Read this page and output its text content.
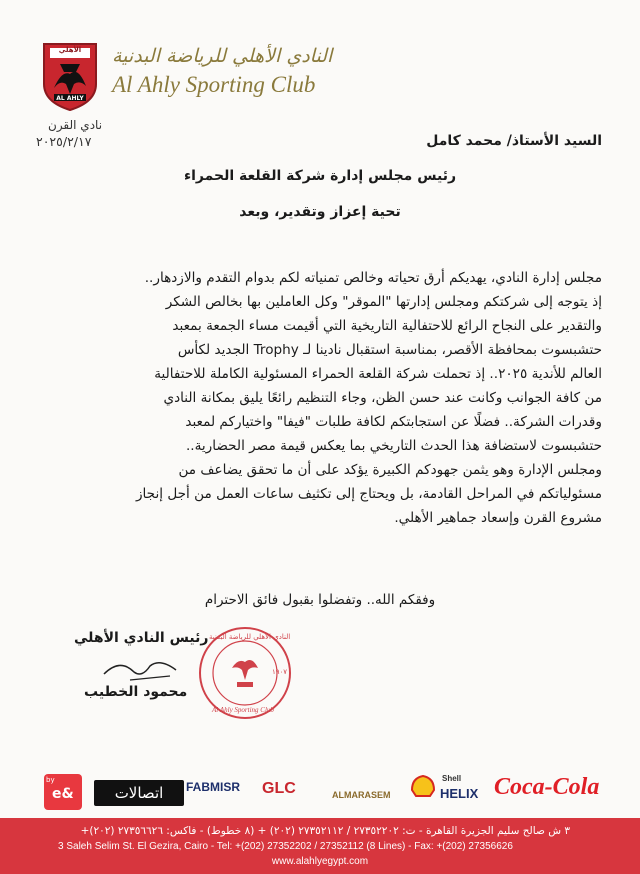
الأهلي
AL AHLY
النادي الأهلي للرياضة البدنية
Al Ahly Sporting Club
نادي القرن
٢٠٢٥/٢/١٧	السيد الأستاذ/ محمد كامل
رئيس مجلس إدارة شركة القلعة الحمراء
تحية إعزاز وتقدير، وبعد
مجلس إدارة النادي، يهديكم أرق تحياته وخالص تمنياته لكم بدوام التقدم والازدهار..
إذ يتوجه إلى شركتكم ومجلس إدارتها "الموقر" وكل العاملين بها بخالص الشكر
والتقدير على النجاح الرائع للاحتفالية التاريخية التي أقيمت مساء الجمعة بمعبد
حتشبسوت بمحافظة الأقصر، بمناسبة استقبال نادينا لـ Trophy الجديد لكأس
العالم للأندية ٢٠٢٥.. إذ تحملت شركة القلعة الحمراء المسئولية الكاملة للاحتفالية
من كافة الجوانب وكانت عند حسن الظن، وجاء التنظيم رائعًا يليق بمكانة النادي
وقدرات الشركة.. فضلًا عن استجابتكم لكافة طلبات "فيفا" واختياركم لمعبد
حتشبسوت لاستضافة هذا الحدث التاريخي بما يعكس قيمة مصر الحضارية..
ومجلس الإدارة وهو يثمن جهودكم الكبيرة يؤكد على أن ما تحقق يضاعف من
مسئولياتكم في المراحل القادمة، بل ويحتاج إلى تكثيف ساعات العمل من أجل إنجاز
مشروع القرن وإسعاد جماهير الأهلي.
وفقكم الله.. وتفضلوا بقبول فائق الاحترام
رئيس النادي الأهلي
محمود الخطيب
النادي الأهلي للرياضة البدنية
Al Ahly Sporting Club
١٩٠٧
by
e&	اتصالات	FABMISR GLC	ALMARASEM
Shell
HELIX Coca-Cola
٣ ش صالح سليم الجزيرة القاهرة - ت: ٢٧٣٥٢٢٠٢ / ٢٧٣٥٢١١٢ (٢٠٢) + (٨ خطوط) - فاكس: ٢٧٣٥٦٦٢٦ (٢٠٢)+
3 Saleh Selim St. El Gezira, Cairo - Tel: +(202) 27352202 / 27352112 (8 Lines) - Fax: +(202) 27356626
www.alahlyegypt.com
